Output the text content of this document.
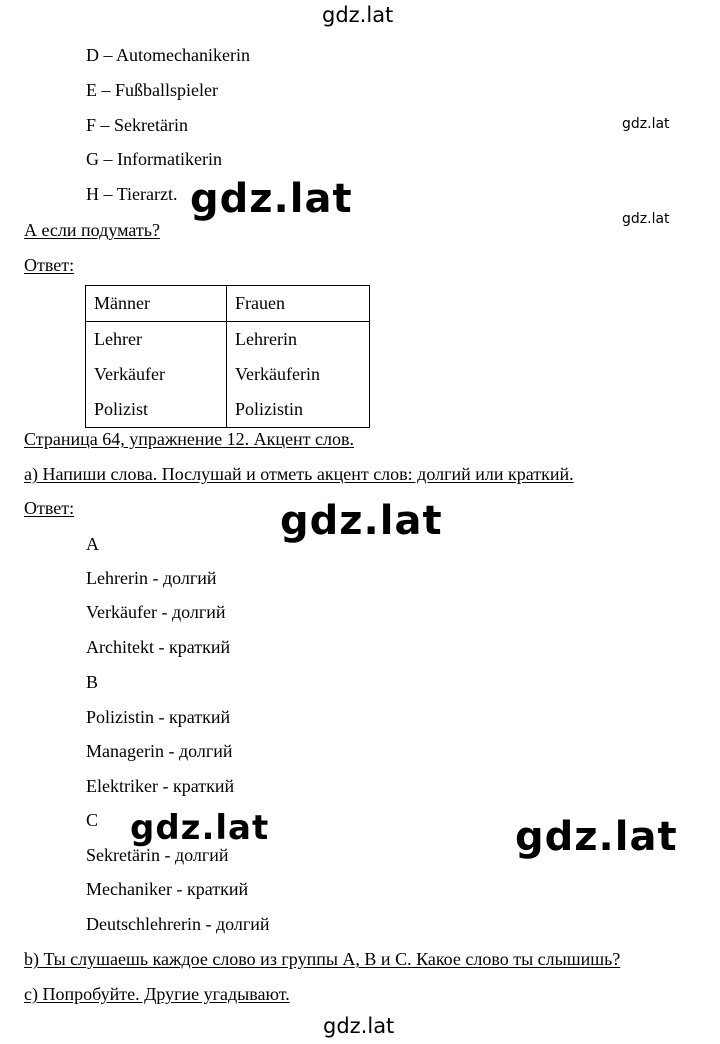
gdz.lat
gdz.lat
gdz.lat
gdz.lat
gdz.lat
gdz.lat	gdz.lat
gdz.lat
D – Automechanikerin
E – Fußballspieler
F – Sekretärin
G – Informatikerin
H – Tierarzt.
А если подумать?
Ответ:
Männer	Frauen
Lehrer	Lehrerin
Verkäufer	Verkäuferin
Polizist	Polizistin
Страница 64, упражнение 12. Акцент слов.
а) Напиши слова. Послушай и отметь акцент слов: долгий или краткий.
Ответ:
A
Lehrerin - долгий
Verkäufer - долгий
Architekt - краткий
B
Polizistin - краткий
Managerin - долгий
Elektriker - краткий
C
Sekretärin - долгий
Mechaniker - краткий
Deutschlehrerin - долгий
b) Ты слушаешь каждое слово из группы A, B и C. Какое слово ты слышишь?
c) Попробуйте. Другие угадывают.
